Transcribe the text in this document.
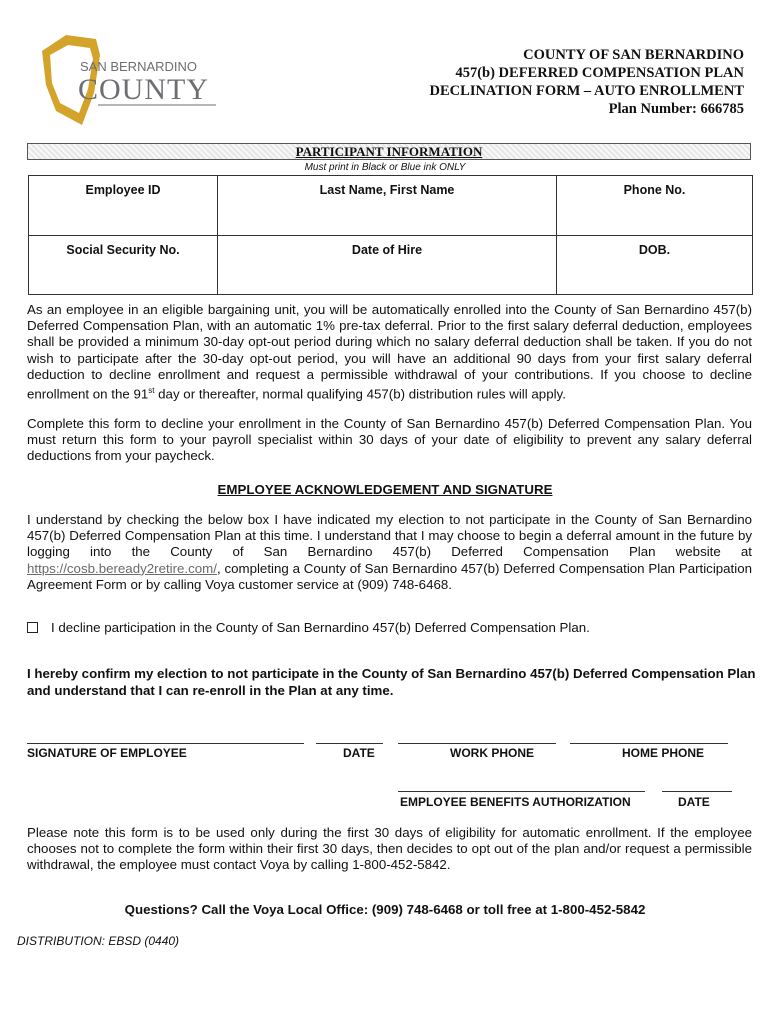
SAN BERNARDINO
COUNTY
COUNTY OF SAN BERNARDINO
457(b) DEFERRED COMPENSATION PLAN
DECLINATION FORM – AUTO ENROLLMENT
Plan Number: 666785
PARTICIPANT INFORMATION
Must print in Black or Blue ink ONLY
Employee ID	Last Name, First Name	Phone No.
Social Security No.	Date of Hire	DOB.
As an employee in an eligible bargaining unit, you will be automatically enrolled into the County of San Bernardino 457(b) Deferred Compensation Plan, with an automatic 1% pre-tax deferral. Prior to the first salary deferral deduction, employees shall be provided a minimum 30-day opt-out period during which no salary deferral deduction shall be taken. If you do not wish to participate after the 30-day opt-out period, you will have an additional 90 days from your first salary deferral deduction to decline enrollment and request a permissible withdrawal of your contributions. If you choose to decline enrollment on the 91st day or thereafter, normal qualifying 457(b) distribution rules will apply.
Complete this form to decline your enrollment in the County of San Bernardino 457(b) Deferred Compensation Plan. You must return this form to your payroll specialist within 30 days of your date of eligibility to prevent any salary deferral deductions from your paycheck.
EMPLOYEE ACKNOWLEDGEMENT AND SIGNATURE
I understand by checking the below box I have indicated my election to not participate in the County of San Bernardino 457(b) Deferred Compensation Plan at this time. I understand that I may choose to begin a deferral amount in the future by logging into the County of San Bernardino 457(b) Deferred Compensation Plan website at https://cosb.beready2retire.com/, completing a County of San Bernardino 457(b) Deferred Compensation Plan Participation Agreement Form or by calling Voya customer service at (909) 748-6468.
I decline participation in the County of San Bernardino 457(b) Deferred Compensation Plan.
I hereby confirm my election to not participate in the County of San Bernardino 457(b) Deferred Compensation Plan and understand that I can re-enroll in the Plan at any time.
SIGNATURE OF EMPLOYEE	DATE	WORK PHONE	HOME PHONE
EMPLOYEE BENEFITS AUTHORIZATION	DATE
Please note this form is to be used only during the first 30 days of eligibility for automatic enrollment. If the employee chooses not to complete the form within their first 30 days, then decides to opt out of the plan and/or request a permissible withdrawal, the employee must contact Voya by calling 1-800-452-5842.
Questions? Call the Voya Local Office: (909) 748-6468 or toll free at 1-800-452-5842
DISTRIBUTION: EBSD (0440)
